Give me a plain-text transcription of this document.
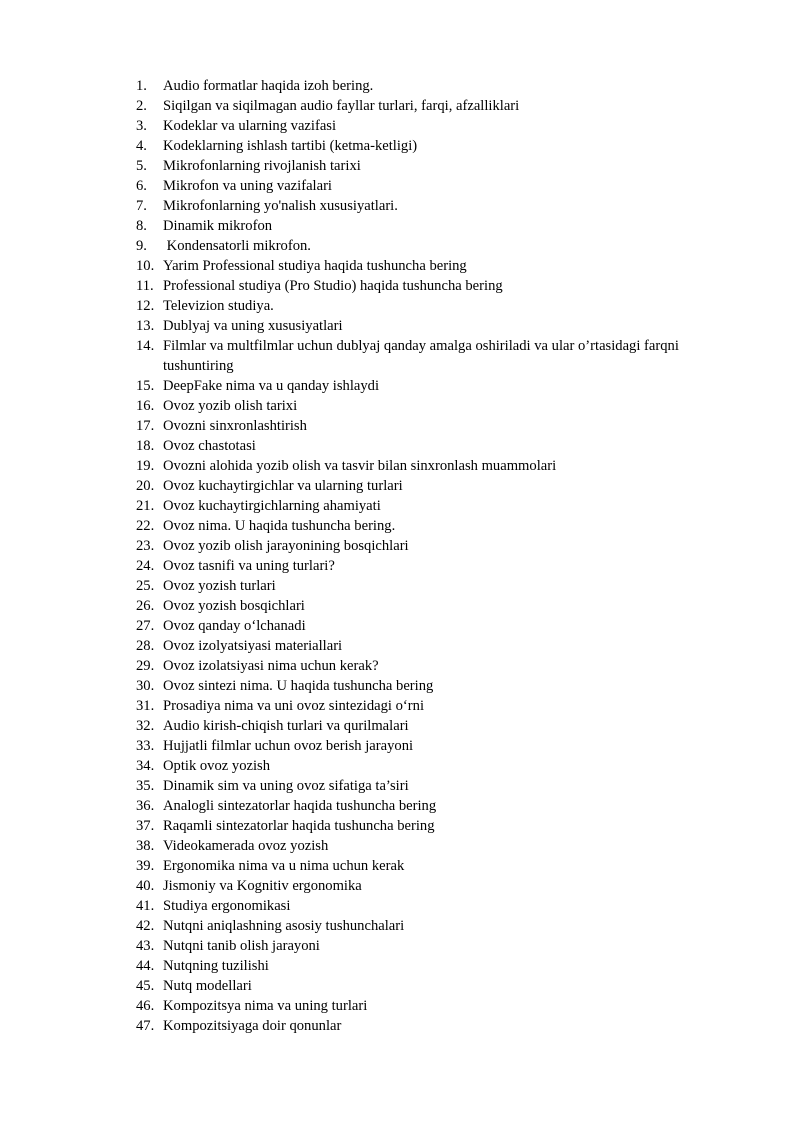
1.	Audio formatlar haqida izoh bering.
2.	Siqilgan va siqilmagan audio fayllar turlari, farqi, afzalliklari
3.	Kodeklar va ularning vazifasi
4.	Kodeklarning ishlash tartibi (ketma-ketligi)
5.	Mikrofonlarning rivojlanish tarixi
6.	Mikrofon va uning vazifalari
7.	Mikrofonlarning yo'nalish xususiyatlari.
8.	Dinamik mikrofon
9.	Kondensatorli mikrofon.
10. Yarim Professional studiya haqida tushuncha bering
11. Professional studiya (Pro Studio) haqida tushuncha bering
12. Televizion studiya.
13. Dublyaj va uning xususiyatlari
14. Filmlar va multfilmlar uchun dublyaj qanday amalga oshiriladi va ular o’rtasidagi farqni tushuntiring
15. DeepFake nima va u qanday ishlaydi
16. Ovoz yozib olish tarixi
17. Ovozni sinxronlashtirish
18. Ovoz chastotasi
19. Ovozni alohida yozib olish va tasvir bilan sinxronlash muammolari
20. Ovoz kuchaytirgichlar va ularning turlari
21. Ovoz kuchaytirgichlarning ahamiyati
22. Ovoz nima. U haqida tushuncha bering.
23. Ovoz yozib olish jarayonining bosqichlari
24. Ovoz tasnifi va uning turlari?
25. Ovoz yozish turlari
26. Ovoz yozish bosqichlari
27. Ovoz qanday o‘lchanadi
28. Ovoz izolyatsiyasi materiallari
29. Ovoz izolatsiyasi nima uchun kerak?
30. Ovoz sintezi nima. U haqida tushuncha bering
31. Prosadiya nima va uni ovoz sintezidagi o‘rni
32. Audio kirish-chiqish turlari va qurilmalari
33. Hujjatli filmlar uchun ovoz berish jarayoni
34. Optik ovoz yozish
35. Dinamik sim va uning ovoz sifatiga ta’siri
36. Analogli sintezatorlar haqida tushuncha bering
37. Raqamli sintezatorlar haqida tushuncha bering
38. Videokamerada ovoz yozish
39. Ergonomika nima va u nima uchun kerak
40. Jismoniy va Kognitiv ergonomika
41. Studiya ergonomikasi
42. Nutqni aniqlashning asosiy tushunchalari
43. Nutqni tanib olish jarayoni
44. Nutqning tuzilishi
45. Nutq modellari
46. Kompozitsya nima va uning turlari
47. Kompozitsiyaga doir qonunlar
